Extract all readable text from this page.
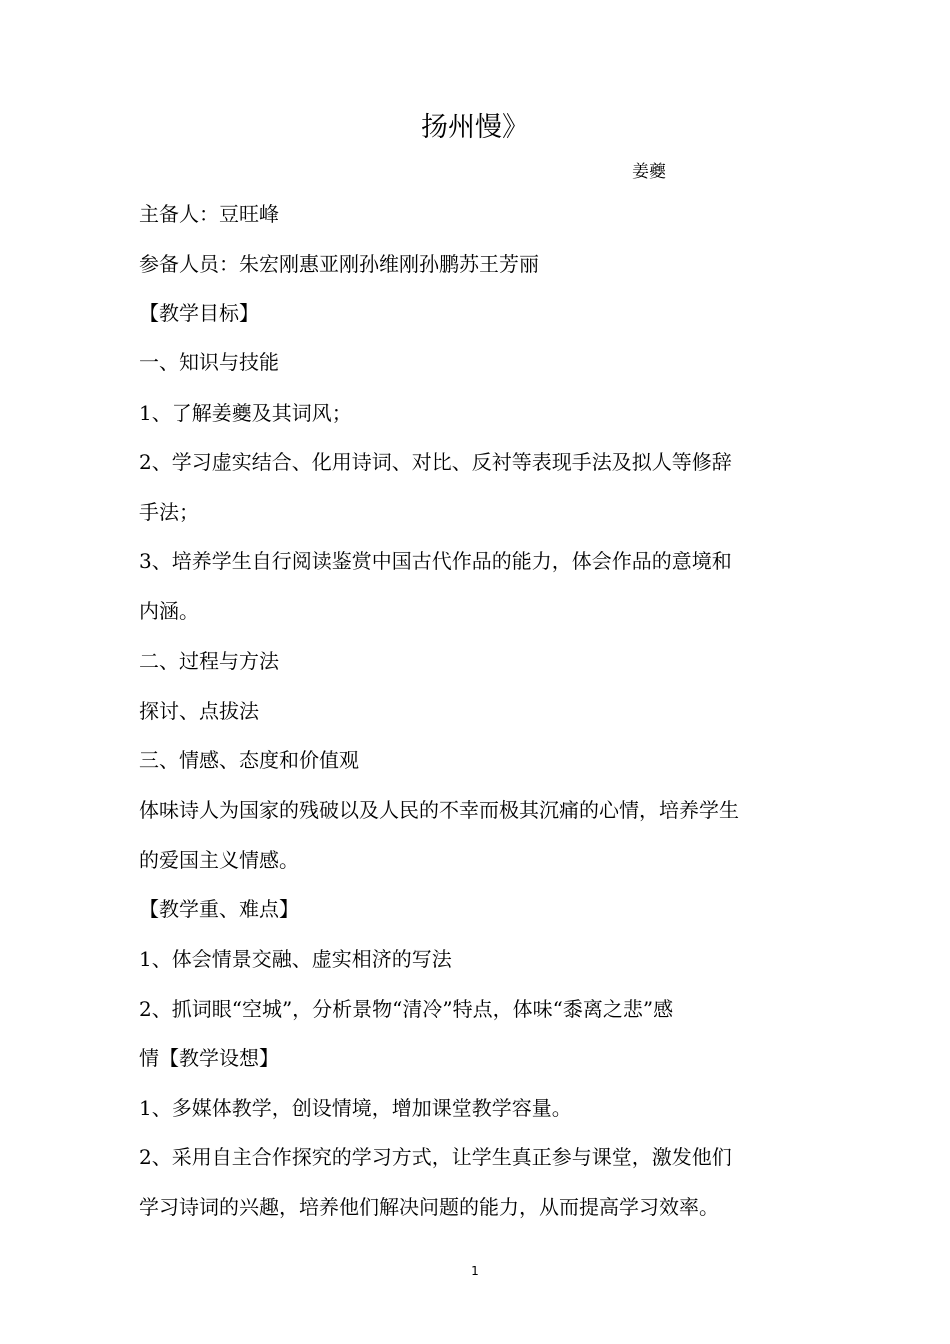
扬州慢》
姜夔
主备人：豆旺峰
参备人员：朱宏刚惠亚刚孙维刚孙鹏苏王芳丽
【教学目标】
一、知识与技能
1、了解姜夔及其词风；
2、学习虚实结合、化用诗词、对比、反衬等表现手法及拟人等修辞
手法；
3、培养学生自行阅读鉴赏中国古代作品的能力，体会作品的意境和
内涵。
二、过程与方法
探讨、点拔法
三、情感、态度和价值观
体味诗人为国家的残破以及人民的不幸而极其沉痛的心情，培养学生
的爱国主义情感。
【教学重、难点】
1、体会情景交融、虚实相济的写法
2、抓词眼“空城”，分析景物“清冷”特点，体味“黍离之悲”感
情【教学设想】
1、多媒体教学，创设情境，增加课堂教学容量。
2、采用自主合作探究的学习方式，让学生真正参与课堂，激发他们
学习诗词的兴趣，培养他们解决问题的能力，从而提高学习效率。
1
